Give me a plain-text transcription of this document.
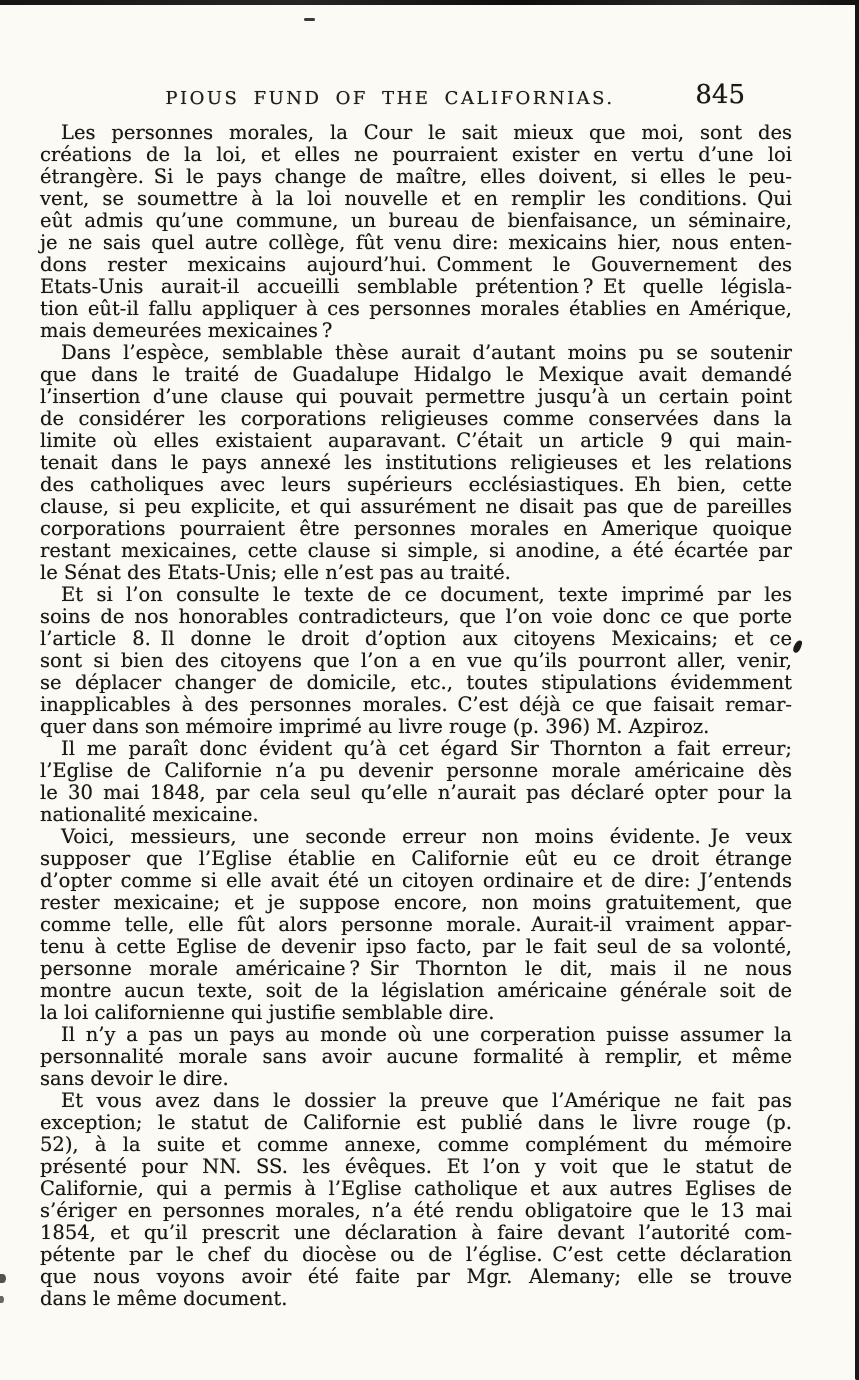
PIOUS FUND OF THE CALIFORNIAS.	845

Les personnes morales, la Cour le sait mieux que moi, sont des
créations de la loi, et elles ne pourraient exister en vertu d’une loi
étrangère. Si le pays change de maître, elles doivent, si elles le peu-
vent, se soumettre à la loi nouvelle et en remplir les conditions. Qui
eût admis qu’une commune, un bureau de bienfaisance, un séminaire,
je ne sais quel autre collège, fût venu dire: mexicains hier, nous enten-
dons rester mexicains aujourd’hui. Comment le Gouvernement des
Etats-Unis aurait-il accueilli semblable prétention ? Et quelle législa-
tion eût-il fallu appliquer à ces personnes morales établies en Amérique,
mais demeurées mexicaines ?

Dans l’espèce, semblable thèse aurait d’autant moins pu se soutenir
que dans le traité de Guadalupe Hidalgo le Mexique avait demandé
l’insertion d’une clause qui pouvait permettre jusqu’à un certain point
de considérer les corporations religieuses comme conservées dans la
limite où elles existaient auparavant. C’était un article 9 qui main-
tenait dans le pays annexé les institutions religieuses et les relations
des catholiques avec leurs supérieurs ecclésiastiques. Eh bien, cette
clause, si peu explicite, et qui assurément ne disait pas que de pareilles
corporations pourraient être personnes morales en Amerique quoique
restant mexicaines, cette clause si simple, si anodine, a été écartée par
le Sénat des Etats-Unis; elle n’est pas au traité.

Et si l’on consulte le texte de ce document, texte imprimé par les
soins de nos honorables contradicteurs, que l’on voie donc ce que porte
l’article 8. Il donne le droit d’option aux citoyens Mexicains; et ce
sont si bien des citoyens que l’on a en vue qu’ils pourront aller, venir,
se déplacer changer de domicile, etc., toutes stipulations évidemment
inapplicables à des personnes morales. C’est déjà ce que faisait remar-
quer dans son mémoire imprimé au livre rouge (p. 396) M. Azpiroz.

Il me paraît donc évident qu’à cet égard Sir Thornton a fait erreur;
l’Eglise de Californie n’a pu devenir personne morale américaine dès
le 30 mai 1848, par cela seul qu’elle n’aurait pas déclaré opter pour la
nationalité mexicaine.

Voici, messieurs, une seconde erreur non moins évidente. Je veux
supposer que l’Eglise établie en Californie eût eu ce droit étrange
d’opter comme si elle avait été un citoyen ordinaire et de dire: J’entends
rester mexicaine; et je suppose encore, non moins gratuitement, que
comme telle, elle fût alors personne morale. Aurait-il vraiment appar-
tenu à cette Eglise de devenir ipso facto, par le fait seul de sa volonté,
personne morale américaine ? Sir Thornton le dit, mais il ne nous
montre aucun texte, soit de la législation américaine générale soit de
la loi californienne qui justifie semblable dire.

Il n’y a pas un pays au monde où une corperation puisse assumer la
personnalité morale sans avoir aucune formalité à remplir, et même
sans devoir le dire.

Et vous avez dans le dossier la preuve que l’Amérique ne fait pas
exception; le statut de Californie est publié dans le livre rouge (p.
52), à la suite et comme annexe, comme complément du mémoire
présenté pour NN. SS. les évêques. Et l’on y voit que le statut de
Californie, qui a permis à l’Eglise catholique et aux autres Eglises de
s’ériger en personnes morales, n’a été rendu obligatoire que le 13 mai
1854, et qu’il prescrit une déclaration à faire devant l’autorité com-
pétente par le chef du diocèse ou de l’église. C’est cette déclaration
que nous voyons avoir été faite par Mgr. Alemany; elle se trouve
dans le même document.
